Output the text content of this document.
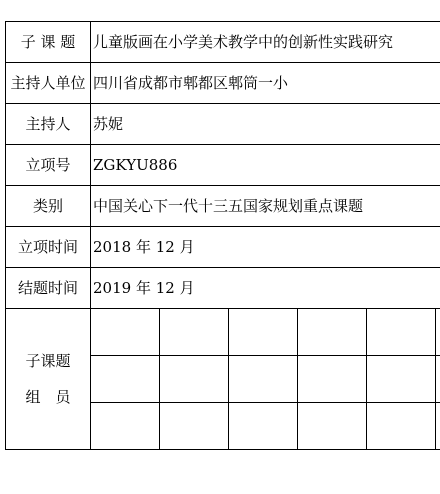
子 课 题	儿童版画在小学美术教学中的创新性实践研究					
主持人单位	四川省成都市郫都区郫筒一小					
主持人	苏妮					
立项号	ZGKYU886					
类别	中国关心下一代十三五国家规划重点课题					
立项时间	2018 年 12 月					
结题时间	2019 年 12 月					

子课题
组　员						
